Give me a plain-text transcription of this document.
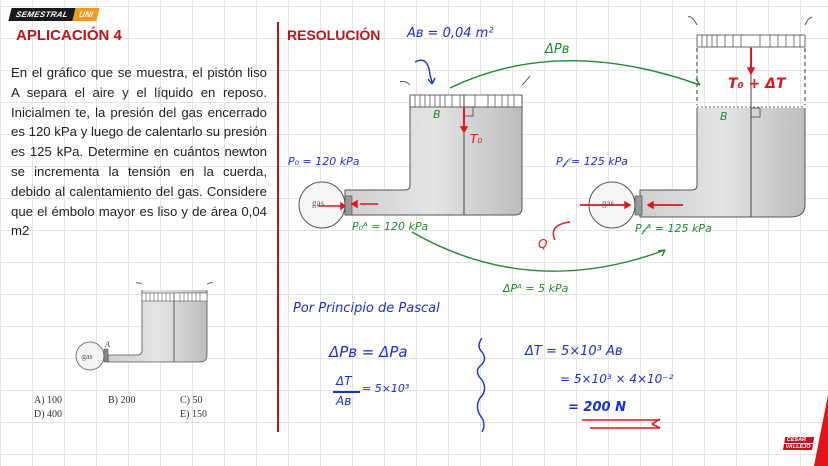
SEMESTRAL	UNI
APLICACIÓN 4
En el gráfico que se muestra, el pistón liso A separa el aire y el líquido en reposo. Inicialmen te, la presión del gas encerrado es 120 kPa y luego de calentarlo su presión es 125 kPa. Determine en cuántos newton se incrementa la tensión en la cuerda, debido al calentamiento del gas. Considere que el émbolo mayor es liso y de área 0,04 m2
gas
A
A) 100	B) 200	C) 50
D) 400	E) 150
RESOLUCIÓN Aʙ = 0,04 m²
ΔPʙ
B
T₀
T₀ + ΔT
B
P₀ = 120 kPa
P₀ᴬ = 120 kPa
P𝒻 = 125 kPa
P𝒻ᴬ = 125 kPa
Q
ΔPᴬ = 5 kPa
gas	gas
Por Principio de Pascal
ΔPʙ = ΔPa
ΔT
Aʙ
= 5×10³
ΔT = 5×10³ Aʙ
= 5×10³ × 4×10⁻²
= 200 N
CESAR
VALLEJO
